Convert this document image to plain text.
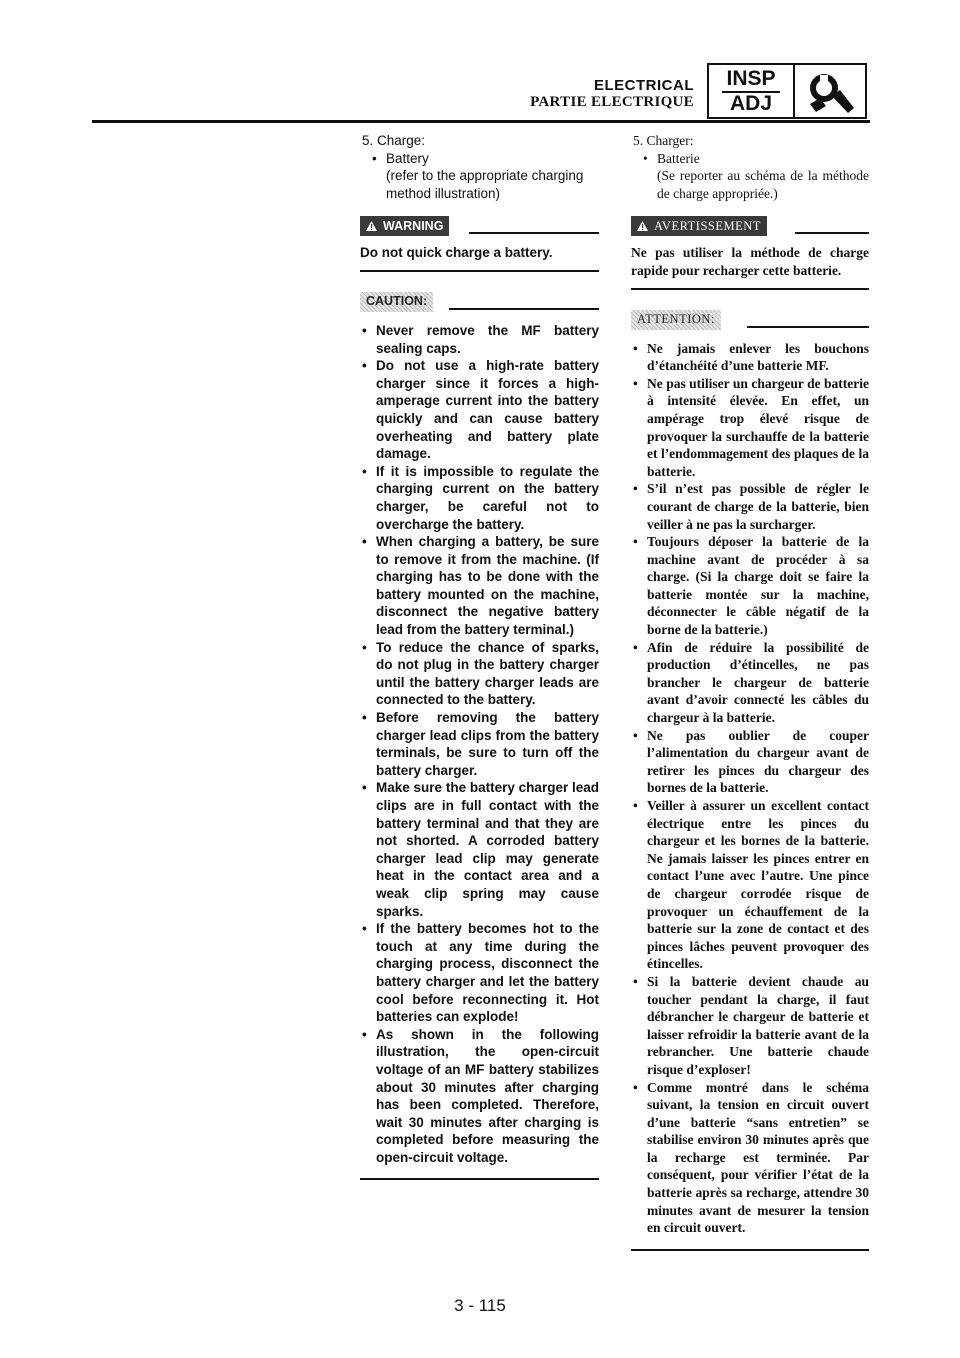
ELECTRICAL
PARTIE ELECTRIQUE
INSP
ADJ
5. Charge:
• Battery
(refer to the appropriate charging method illustration)
WARNING
Do not quick charge a battery.
CAUTION:
• Never remove the MF battery sealing caps.
• Do not use a high-rate battery charger since it forces a high-amperage current into the battery quickly and can cause battery overheating and battery plate damage.
• If it is impossible to regulate the charging current on the battery charger, be careful not to overcharge the battery.
• When charging a battery, be sure to remove it from the machine. (If charging has to be done with the battery mounted on the machine, disconnect the negative battery lead from the battery terminal.)
• To reduce the chance of sparks, do not plug in the battery charger until the battery charger leads are connected to the battery.
• Before removing the battery charger lead clips from the battery terminals, be sure to turn off the battery charger.
• Make sure the battery charger lead clips are in full contact with the battery terminal and that they are not shorted. A corroded battery charger lead clip may generate heat in the contact area and a weak clip spring may cause sparks.
• If the battery becomes hot to the touch at any time during the charging process, disconnect the battery charger and let the battery cool before reconnecting it. Hot batteries can explode!
• As shown in the following illustration, the open-circuit voltage of an MF battery stabilizes about 30 minutes after charging has been completed. Therefore, wait 30 minutes after charging is completed before measuring the open-circuit voltage.
5. Charger:
• Batterie
(Se reporter au schéma de la méthode de charge appropriée.)
AVERTISSEMENT
Ne pas utiliser la méthode de charge rapide pour recharger cette batterie.
ATTENTION:
• Ne jamais enlever les bouchons d’étanchéité d’une batterie MF.
• Ne pas utiliser un chargeur de batterie à intensité élevée. En effet, un ampérage trop élevé risque de provoquer la surchauffe de la batterie et l’endommagement des plaques de la batterie.
• S’il n’est pas possible de régler le courant de charge de la batterie, bien veiller à ne pas la surcharger.
• Toujours déposer la batterie de la machine avant de procéder à sa charge. (Si la charge doit se faire la batterie montée sur la machine, déconnecter le câble négatif de la borne de la batterie.)
• Afin de réduire la possibilité de production d’étincelles, ne pas brancher le chargeur de batterie avant d’avoir connecté les câbles du chargeur à la batterie.
• Ne pas oublier de couper l’alimentation du chargeur avant de retirer les pinces du chargeur des bornes de la batterie.
• Veiller à assurer un excellent contact électrique entre les pinces du chargeur et les bornes de la batterie. Ne jamais laisser les pinces entrer en contact l’une avec l’autre. Une pince de chargeur corrodée risque de provoquer un échauffement de la batterie sur la zone de contact et des pinces lâches peuvent provoquer des étincelles.
• Si la batterie devient chaude au toucher pendant la charge, il faut débrancher le chargeur de batterie et laisser refroidir la batterie avant de la rebrancher. Une batterie chaude risque d’exploser!
• Comme montré dans le schéma suivant, la tension en circuit ouvert d’une batterie “sans entretien” se stabilise environ 30 minutes après que la recharge est terminée. Par conséquent, pour vérifier l’état de la batterie après sa recharge, attendre 30 minutes avant de mesurer la tension en circuit ouvert.
3 - 115
